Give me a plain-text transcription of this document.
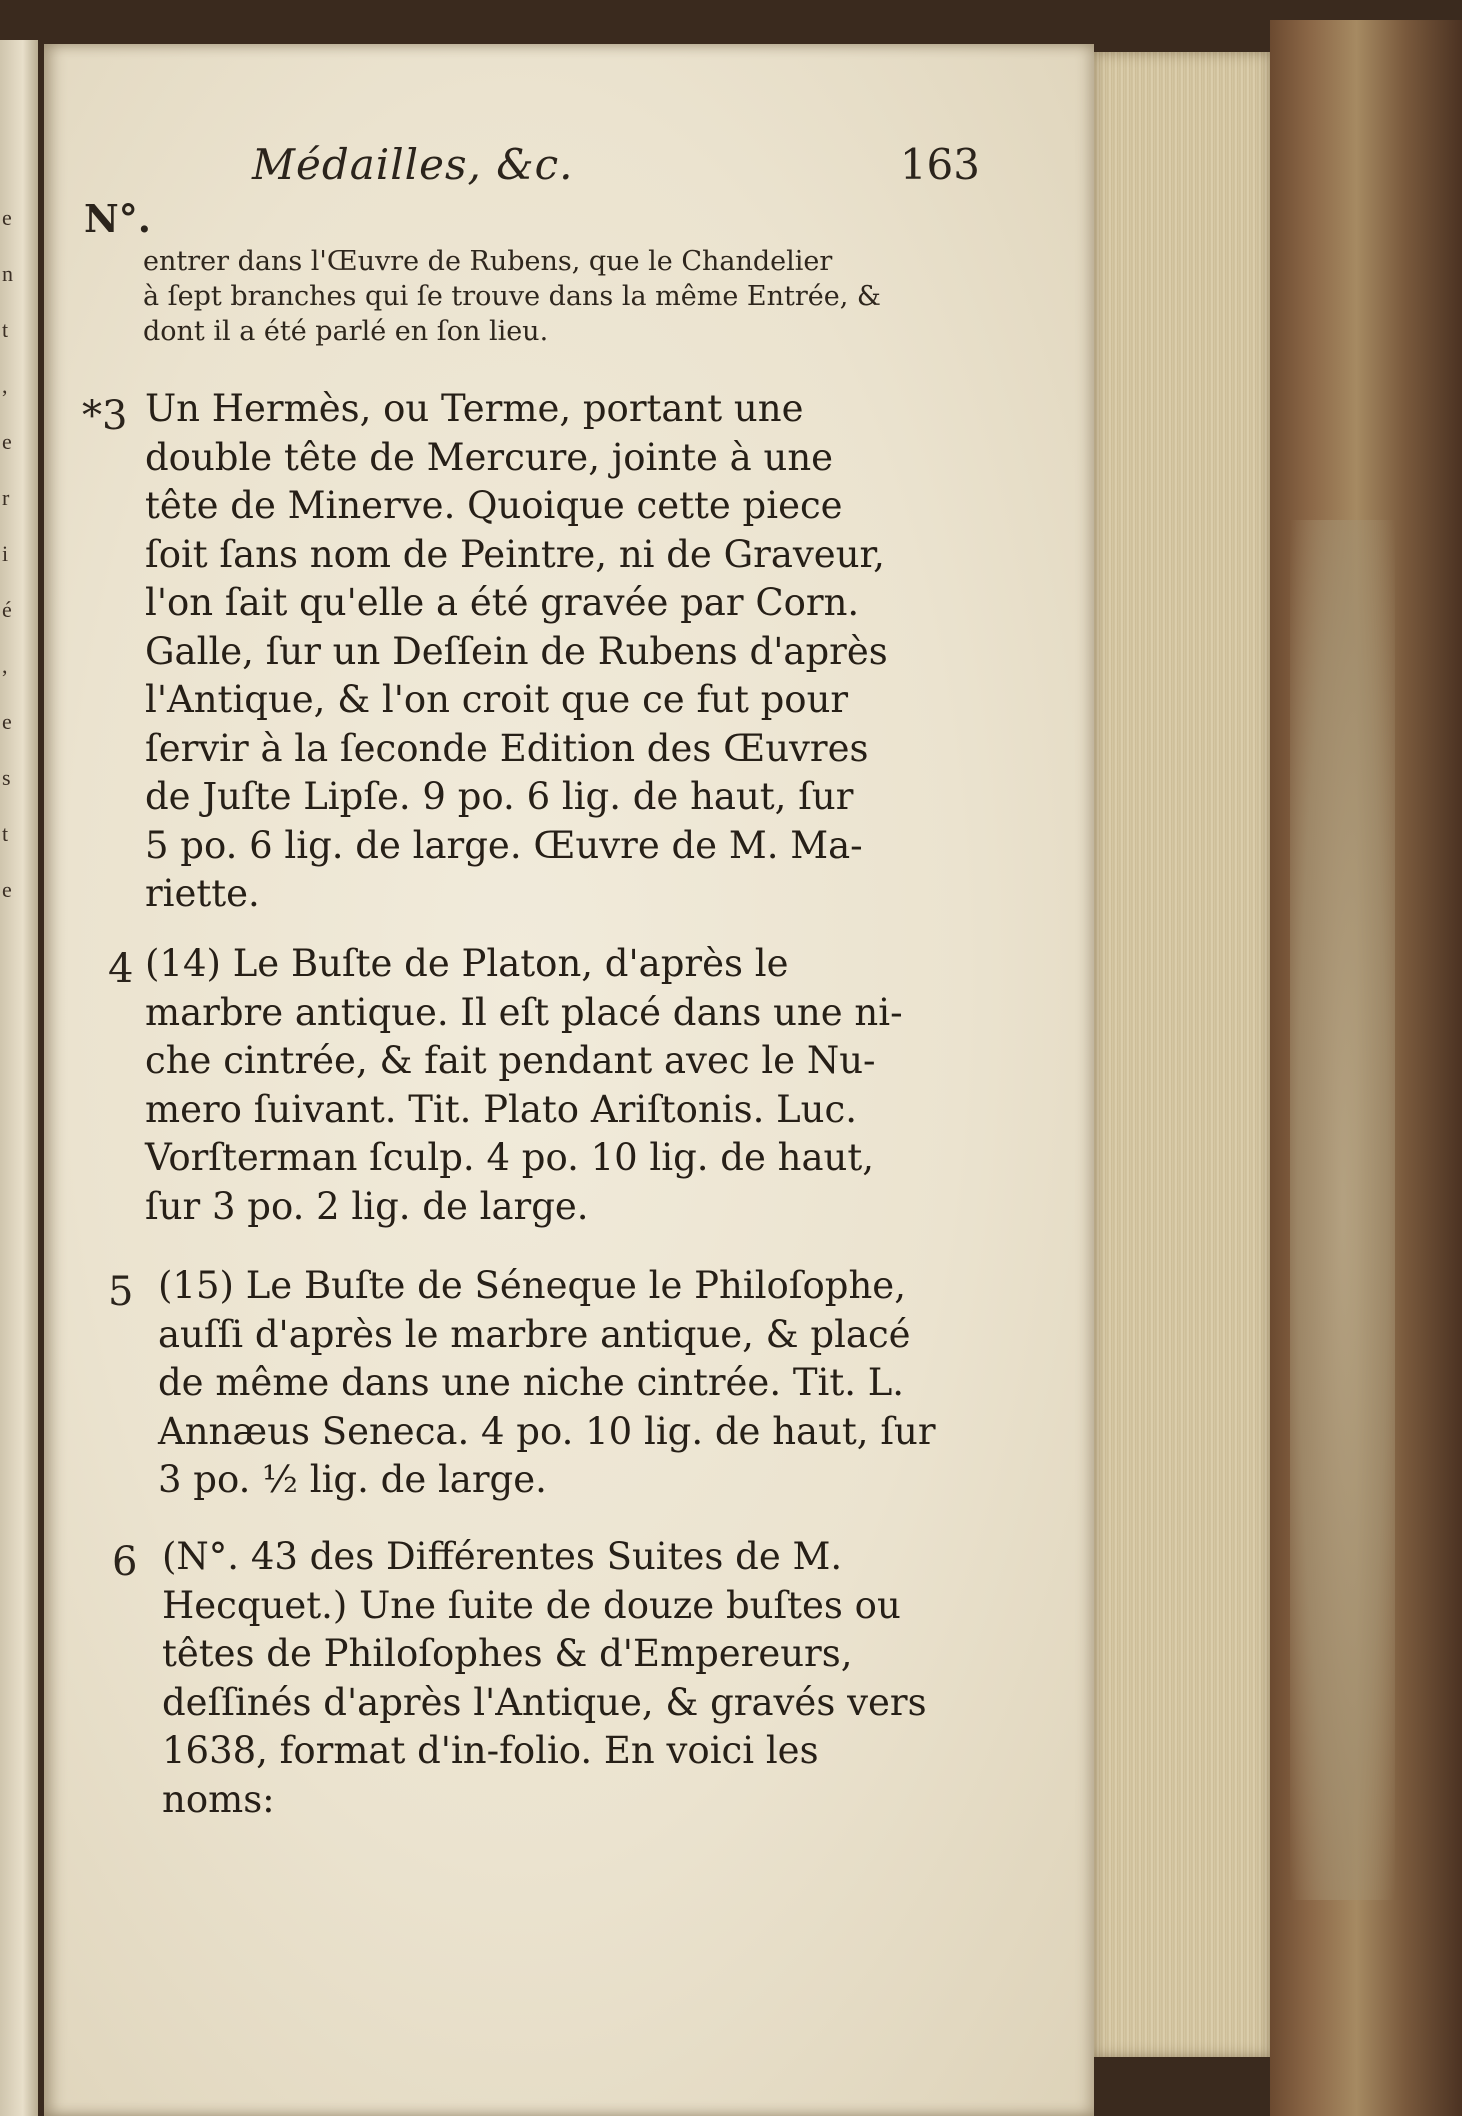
e
n
t
,
e
r
i
é
,
e
s
t
e
Médailles, &c.	163
N°.
entrer dans l'Œuvre de Rubens, que le Chandelier
à ſept branches qui ſe trouve dans la même Entrée, &
dont il a été parlé en ſon lieu.
*3 Un Hermès, ou Terme, portant une
double tête de Mercure, jointe à une
tête de Minerve. Quoique cette piece
ſoit ſans nom de Peintre, ni de Graveur,
l'on ſait qu'elle a été gravée par Corn.
Galle, ſur un Deſſein de Rubens d'après
l'Antique, & l'on croit que ce fut pour
ſervir à la ſeconde Edition des Œuvres
de Juſte Lipſe. 9 po. 6 lig. de haut, ſur
5 po. 6 lig. de large. Œuvre de M. Ma-
riette.
4 (14) Le Buſte de Platon, d'après le
marbre antique. Il eſt placé dans une ni-
che cintrée, & fait pendant avec le Nu-
mero ſuivant. Tit. Plato Ariſtonis. Luc.
Vorſterman ſculp. 4 po. 10 lig. de haut,
ſur 3 po. 2 lig. de large.
5 (15) Le Buſte de Séneque le Philoſophe,
auſſi d'après le marbre antique, & placé
de même dans une niche cintrée. Tit. L.
Annæus Seneca. 4 po. 10 lig. de haut, ſur
3 po. ½ lig. de large.
6 (N°. 43 des Différentes Suites de M.
Hecquet.) Une ſuite de douze buſtes ou
têtes de Philoſophes & d'Empereurs,
deſſinés d'après l'Antique, & gravés vers
1638, format d'in-folio. En voici les
noms:
